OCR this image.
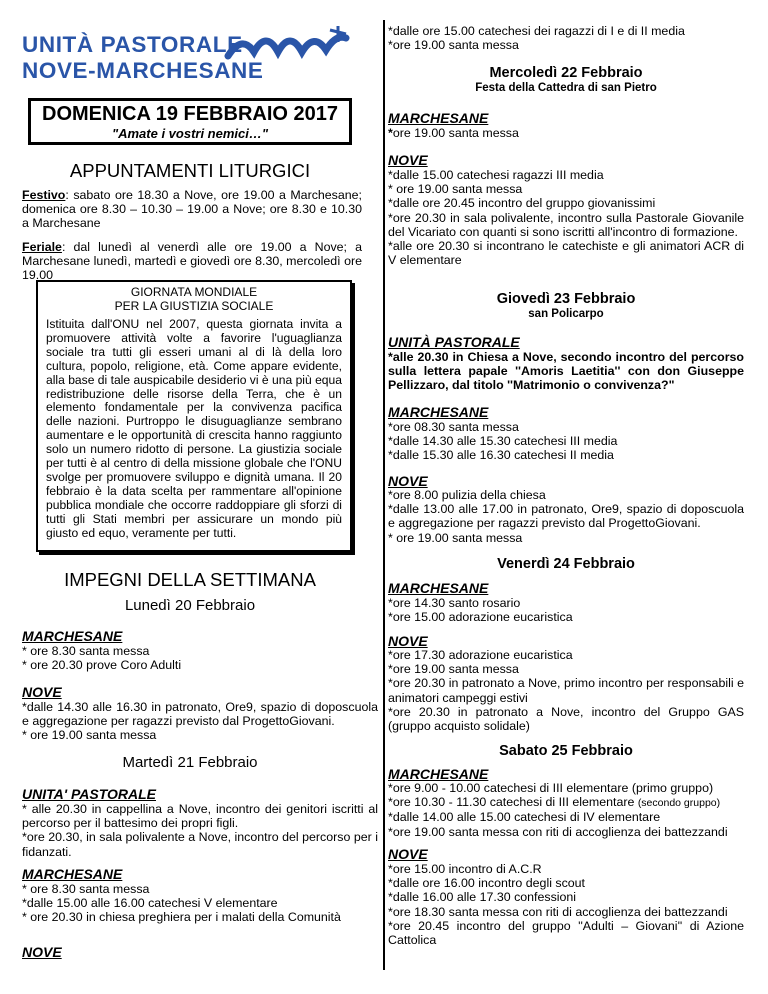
UNITÀ PASTORALE
NOVE-MARCHESANE
DOMENICA 19 FEBBRAIO 2017
"Amate i vostri nemici…"
APPUNTAMENTI LITURGICI
Festivo: sabato ore 18.30 a Nove, ore 19.00 a Marchesane; domenica ore 8.30 – 10.30 – 19.00 a Nove; ore 8.30 e 10.30 a Marchesane
Feriale: dal lunedì al venerdì alle ore 19.00 a Nove; a Marchesane lunedì, martedì e giovedì ore 8.30, mercoledì ore 19.00
GIORNATA MONDIALE
PER LA GIUSTIZIA SOCIALE
Istituita dall'ONU nel 2007, questa giornata invita a promuovere attività volte a favorire l'uguaglianza sociale tra tutti gli esseri umani al di là della loro cultura, popolo, religione, età. Come appare evidente, alla base di tale auspicabile desiderio vi è una più equa redistribuzione delle risorse della Terra, che è un elemento fondamentale per la convivenza pacifica delle nazioni. Purtroppo le disuguaglianze sembrano aumentare e le opportunità di crescita hanno raggiunto solo un numero ridotto di persone. La giustizia sociale per tutti è al centro di della missione globale che l'ONU svolge per promuovere sviluppo e dignità umana. Il 20 febbraio è la data scelta per rammentare all'opinione pubblica mondiale che occorre raddoppiare gli sforzi di tutti gli Stati membri per assicurare un mondo più giusto ed equo, veramente per tutti.
IMPEGNI DELLA SETTIMANA
Lunedì 20 Febbraio
MARCHESANE
* ore 8.30 santa messa
* ore 20.30 prove Coro Adulti
NOVE
*dalle 14.30 alle 16.30 in patronato, Ore9, spazio di doposcuola e aggregazione per ragazzi previsto dal ProgettoGiovani.
* ore 19.00 santa messa
Martedì 21 Febbraio
UNITA' PASTORALE
* alle 20.30 in cappellina a Nove, incontro dei genitori iscritti al percorso per il battesimo dei propri figli.
*ore 20.30, in sala polivalente a Nove, incontro del percorso per i fidanzati.
MARCHESANE
* ore 8.30 santa messa
*dalle 15.00 alle 16.00 catechesi V elementare
* ore 20.30 in chiesa preghiera per i malati della Comunità
NOVE
*dalle ore 15.00 catechesi dei ragazzi di I e di II media
*ore 19.00 santa messa
Mercoledì 22 Febbraio
Festa della Cattedra di san Pietro
MARCHESANE
*ore 19.00 santa messa
NOVE
*dalle 15.00 catechesi ragazzi III media
* ore 19.00 santa messa
*dalle ore 20.45 incontro del gruppo giovanissimi
*ore 20.30 in sala polivalente, incontro sulla Pastorale Giovanile del Vicariato con quanti si sono iscritti all'incontro di formazione.
*alle ore 20.30 si incontrano le catechiste e gli animatori ACR di V elementare
Giovedì 23 Febbraio
san Policarpo
UNITÀ PASTORALE
*alle 20.30 in Chiesa a Nove, secondo incontro del percorso sulla lettera papale ''Amoris Laetitia'' con don Giuseppe Pellizzaro, dal titolo ''Matrimonio o convivenza?"
MARCHESANE
*ore 08.30 santa messa
*dalle 14.30 alle 15.30 catechesi III media
*dalle 15.30 alle 16.30 catechesi II media
NOVE
*ore 8.00 pulizia della chiesa
*dalle 13.00 alle 17.00 in patronato, Ore9, spazio di doposcuola e aggregazione per ragazzi previsto dal ProgettoGiovani.
* ore 19.00 santa messa
Venerdì 24 Febbraio
MARCHESANE
*ore 14.30 santo rosario
*ore 15.00 adorazione eucaristica
NOVE
*ore 17.30 adorazione eucaristica
*ore 19.00 santa messa
*ore 20.30 in patronato a Nove, primo incontro per responsabili e animatori campeggi estivi
*ore 20.30 in patronato a Nove, incontro del Gruppo GAS (gruppo acquisto solidale)
Sabato 25 Febbraio
MARCHESANE
*ore 9.00 - 10.00 catechesi di III elementare (primo gruppo)
*ore 10.30 - 11.30 catechesi di III elementare (secondo gruppo)
*dalle 14.00 alle 15.00 catechesi di IV elementare
*ore 19.00 santa messa con riti di accoglienza dei battezzandi
NOVE
*ore 15.00 incontro di A.C.R
*dalle ore 16.00 incontro degli scout
*dalle 16.00 alle 17.30 confessioni
*ore 18.30 santa messa con riti di accoglienza dei battezzandi
*ore 20.45 incontro del gruppo ''Adulti – Giovani'' di Azione Cattolica
